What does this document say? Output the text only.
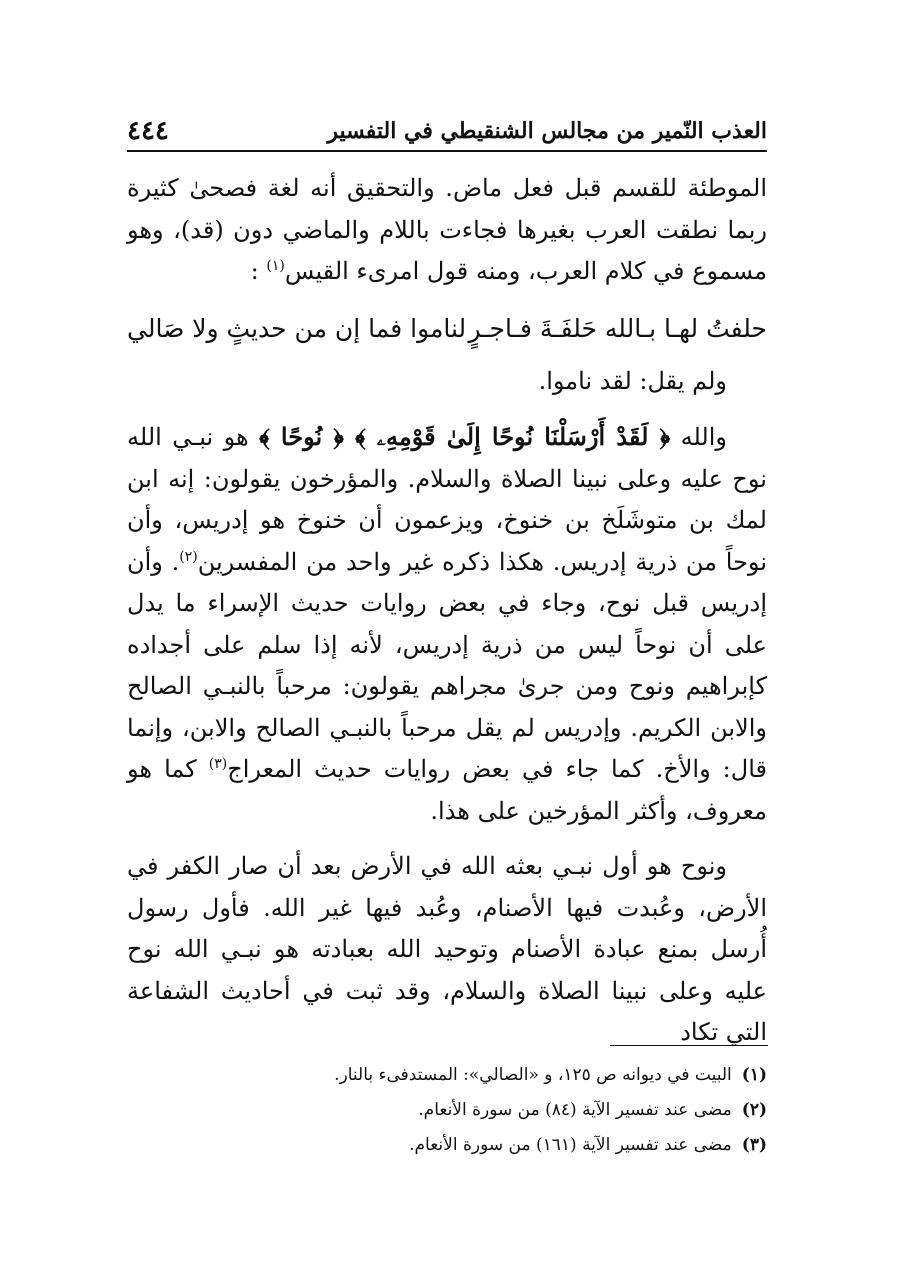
العذب النّمير من مجالس الشنقيطي في التفسير
٤٤٤

الموطئة للقسم قبل فعل ماض. والتحقيق أنه لغة فصحىٰ كثيرة ربما نطقت العرب بغيرها فجاءت باللام والماضي دون (قد)، وهو مسموع في كلام العرب، ومنه قول امرىء القيس$^{(١)}$ :

حلفتُ لهـا بـالله حَلفَـةَ فـاجـرٍ
لناموا فما إن من حديثٍ ولا صَالي

ولم يقل: لقد ناموا.

والله ﴿ لَقَدْ أَرْسَلْنَا نُوحًا إِلَىٰ قَوْمِهِۦ ﴾ ﴿ نُوحًا ﴾ هو نبـي الله نوح عليه وعلى نبينا الصلاة والسلام. والمؤرخون يقولون: إنه ابن لمك بن متوشَلَخ بن خنوخ، ويزعمون أن خنوخ هو إدريس، وأن نوحاً من ذرية إدريس. هكذا ذكره غير واحد من المفسرين$^{(٢)}$. وأن إدريس قبل نوح، وجاء في بعض روايات حديث الإسراء ما يدل على أن نوحاً ليس من ذرية إدريس، لأنه إذا سلم على أجداده كإبراهيم ونوح ومن جرىٰ مجراهم يقولون: مرحباً بالنبـي الصالح والابن الكريم. وإدريس لم يقل مرحباً بالنبـي الصالح والابن، وإنما قال: والأخ. كما جاء في بعض روايات حديث المعراج$^{(٣)}$ كما هو معروف، وأكثر المؤرخين على هذا.

ونوح هو أول نبـي بعثه الله في الأرض بعد أن صار الكفر في الأرض، وعُبدت فيها الأصنام، وعُبد فيها غير الله. فأول رسول أُرسل بمنع عبادة الأصنام وتوحيد الله بعبادته هو نبـي الله نوح عليه وعلى نبينا الصلاة والسلام، وقد ثبت في أحاديث الشفاعة التي تكاد

(١)
البيت في ديوانه ص ١٢٥، و «الصالي»: المستدفىء بالنار.
(٢)
مضى عند تفسير الآية (٨٤) من سورة الأنعام.
(٣)
مضى عند تفسير الآية (١٦١) من سورة الأنعام.
